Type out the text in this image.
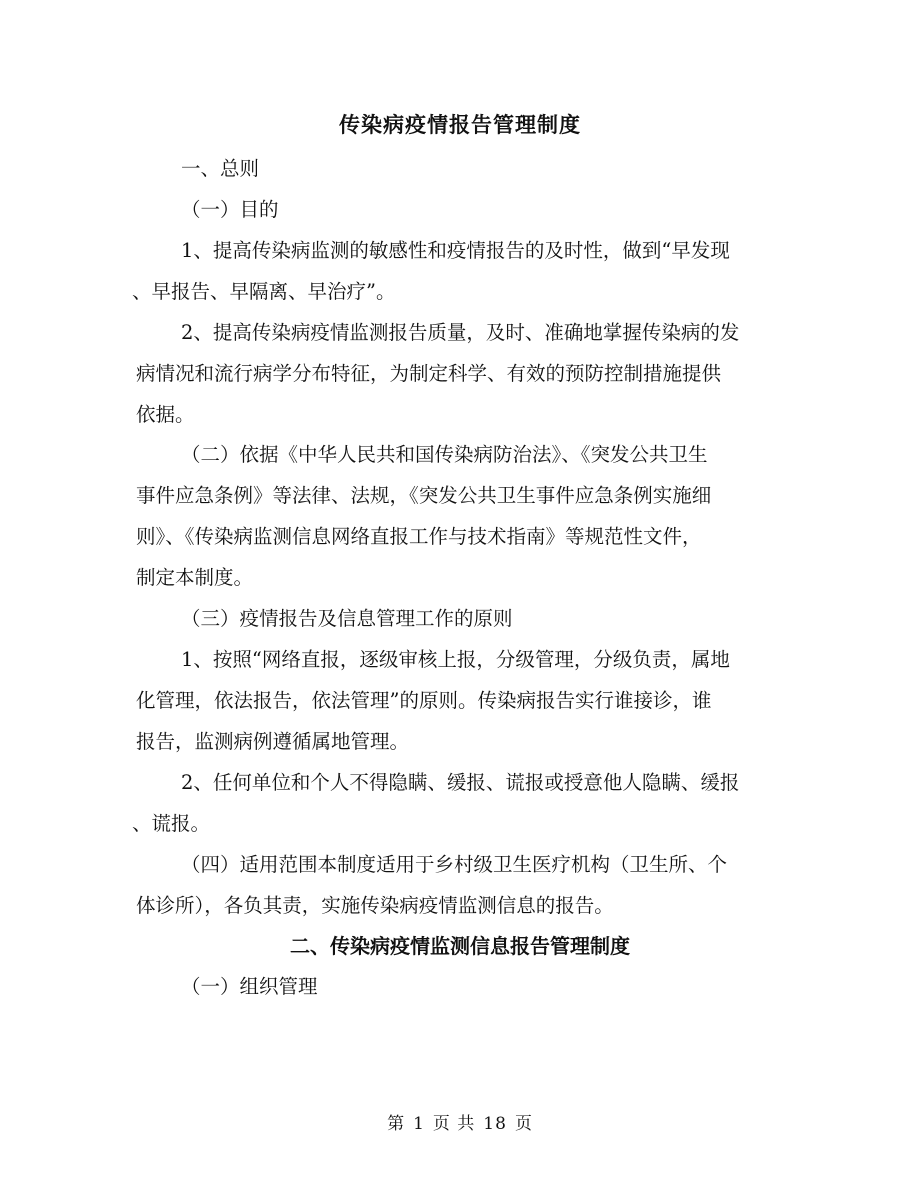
传染病疫情报告管理制度
一、总则
（一）目的
1、提高传染病监测的敏感性和疫情报告的及时性，做到“早发现
、早报告、早隔离、早治疗”。
2、提高传染病疫情监测报告质量，及时、准确地掌握传染病的发
病情况和流行病学分布特征，为制定科学、有效的预防控制措施提供
依据。
（二）依据《中华人民共和国传染病防治法》、《突发公共卫生
事件应急条例》等法律、法规，《突发公共卫生事件应急条例实施细
则》、《传染病监测信息网络直报工作与技术指南》等规范性文件，
制定本制度。
（三）疫情报告及信息管理工作的原则
1、按照“网络直报，逐级审核上报，分级管理，分级负责，属地
化管理，依法报告，依法管理”的原则。传染病报告实行谁接诊，谁
报告，监测病例遵循属地管理。
2、任何单位和个人不得隐瞒、缓报、谎报或授意他人隐瞒、缓报
、谎报。
（四）适用范围本制度适用于乡村级卫生医疗机构（卫生所、个
体诊所），各负其责，实施传染病疫情监测信息的报告。
二、传染病疫情监测信息报告管理制度
（一）组织管理
第 1 页 共 18 页
